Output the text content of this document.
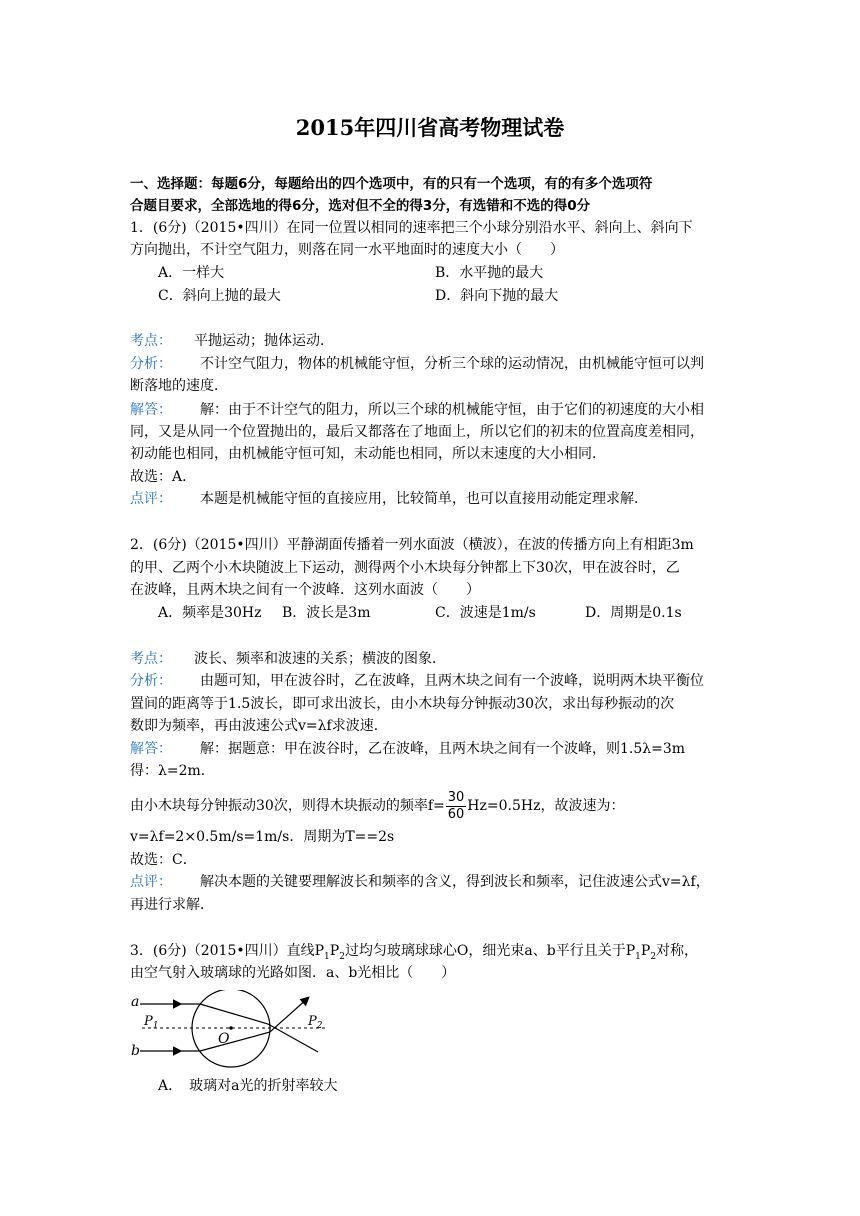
2015年四川省高考物理试卷
一、选择题：每题6分，每题给出的四个选项中，有的只有一个选项，有的有多个选项符
合题目要求，全部选地的得6分，选对但不全的得3分，有选错和不选的得0分
1．(6分)（2015•四川）在同一位置以相同的速率把三个小球分别沿水平、斜向上、斜向下
方向抛出，不计空气阻力，则落在同一水平地面时的速度大小（　　）
A．一样大	B．水平抛的最大
C．斜向上抛的最大	D．斜向下抛的最大
考点： 平抛运动；抛体运动．
分析： 不计空气阻力，物体的机械能守恒，分析三个球的运动情况，由机械能守恒可以判
断落地的速度．
解答： 解：由于不计空气的阻力，所以三个球的机械能守恒，由于它们的初速度的大小相
同，又是从同一个位置抛出的，最后又都落在了地面上，所以它们的初末的位置高度差相同，
初动能也相同，由机械能守恒可知，末动能也相同，所以末速度的大小相同．
故选：A．
点评： 本题是机械能守恒的直接应用，比较简单，也可以直接用动能定理求解．
2．(6分)（2015•四川）平静湖面传播着一列水面波（横波），在波的传播方向上有相距3m
的甲、乙两个小木块随波上下运动，测得两个小木块每分钟都上下30次，甲在波谷时，乙
在波峰，且两木块之间有一个波峰．这列水面波（　　）
A．频率是30Hz B．波长是3m	C．波速是1m/s	D．周期是0.1s
考点： 波长、频率和波速的关系；横波的图象．
分析： 由题可知，甲在波谷时，乙在波峰，且两木块之间有一个波峰，说明两木块平衡位
置间的距离等于1.5波长，即可求出波长，由小木块每分钟振动30次，求出每秒振动的次
数即为频率，再由波速公式v=λf求波速．
解答： 解：据题意：甲在波谷时，乙在波峰，且两木块之间有一个波峰，则1.5λ=3m
得：λ=2m．
由小木块每分钟振动30次，则得木块振动的频率$f= \frac{30}{60} Hz=0.5Hz$，故波速为：
v=λf=2×0.5m/s=1m/s．周期为T==2s
故选：C．
点评： 解决本题的关键要理解波长和频率的含义，得到波长和频率，记住波速公式v=λf，
再进行求解．
3．(6分)（2015•四川）直线$P_1P_2$过均匀玻璃球球心O，细光束a、b平行且关于$P_1P_2$对称，
由空气射入玻璃球的光路如图．a、b光相比（　　）
a
b
$P_1$	$P_2$
O
A．　玻璃对a光的折射率较大
